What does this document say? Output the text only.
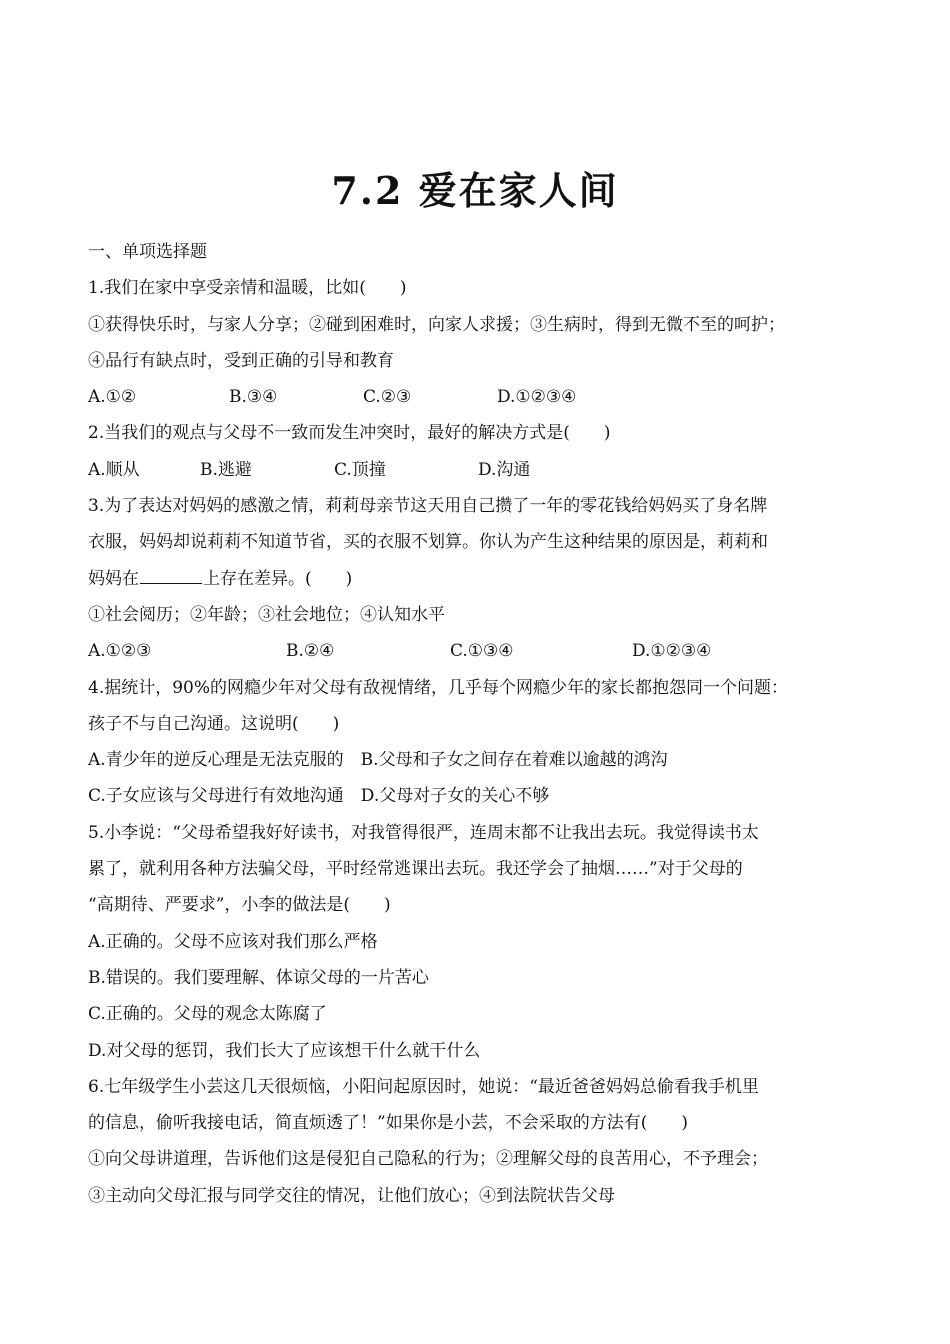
7.2 爱在家人间
一、单项选择题
1.我们在家中享受亲情和温暖，比如(　　)
①获得快乐时，与家人分享；②碰到困难时，向家人求援；③生病时，得到无微不至的呵护；
④品行有缺点时，受到正确的引导和教育
A.①②	B.③④	C.②③	D.①②③④
2.当我们的观点与父母不一致而发生冲突时，最好的解决方式是(　　)
A.顺从	B.逃避	C.顶撞	D.沟通
3.为了表达对妈妈的感激之情，莉莉母亲节这天用自己攒了一年的零花钱给妈妈买了身名牌
衣服，妈妈却说莉莉不知道节省，买的衣服不划算。你认为产生这种结果的原因是，莉莉和
妈妈在	上存在差异。(　　)
①社会阅历；②年龄；③社会地位；④认知水平
A.①②③	B.②④	C.①③④	D.①②③④
4.据统计，90%的网瘾少年对父母有敌视情绪，几乎每个网瘾少年的家长都抱怨同一个问题：
孩子不与自己沟通。这说明(　　)
A.青少年的逆反心理是无法克服的　B.父母和子女之间存在着难以逾越的鸿沟
C.子女应该与父母进行有效地沟通　D.父母对子女的关心不够
5.小李说：“父母希望我好好读书，对我管得很严，连周末都不让我出去玩。我觉得读书太
累了，就利用各种方法骗父母，平时经常逃课出去玩。我还学会了抽烟……”对于父母的
“高期待、严要求”，小李的做法是(　　)
A.正确的。父母不应该对我们那么严格
B.错误的。我们要理解、体谅父母的一片苦心
C.正确的。父母的观念太陈腐了
D.对父母的惩罚，我们长大了应该想干什么就干什么
6.七年级学生小芸这几天很烦恼，小阳问起原因时，她说：“最近爸爸妈妈总偷看我手机里
的信息，偷听我接电话，简直烦透了！”如果你是小芸，不会采取的方法有(　　)
①向父母讲道理，告诉他们这是侵犯自己隐私的行为；②理解父母的良苦用心，不予理会；
③主动向父母汇报与同学交往的情况，让他们放心；④到法院状告父母
